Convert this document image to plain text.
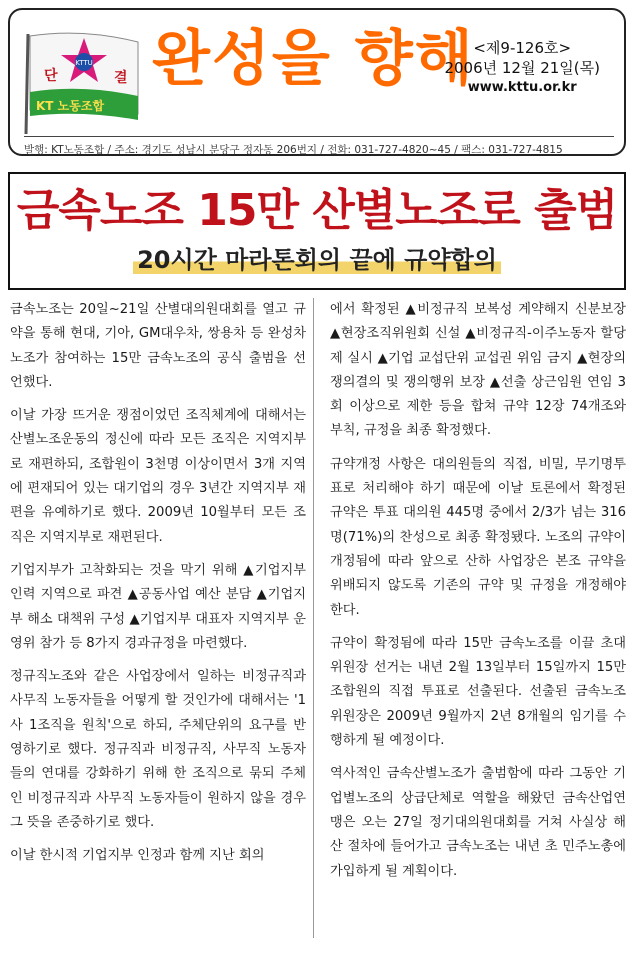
KTTU
단	결
KT 노동조합
완성을 향해
<제9-126호>
2006년 12월 21일(목)
www.kttu.or.kr
발행: KT노동조합 / 주소: 경기도 성남시 분당구 정자동 206번지 / 전화: 031-727-4820~45 / 팩스: 031-727-4815
금속노조 15만 산별노조로 출범
20시간 마라톤회의 끝에 규약합의

금속노조는 20일~21일 산별대의원대회를 열고 규약을 통해 현대, 기아, GM대우차, 쌍용차 등 완성차 노조가 참여하는 15만 금속노조의 공식 출범을 선언했다.

이날 가장 뜨거운 쟁점이었던 조직체계에 대해서는 산별노조운동의 정신에 따라 모든 조직은 지역지부로 재편하되, 조합원이 3천명 이상이면서 3개 지역에 편재되어 있는 대기업의 경우 3년간 지역지부 재편을 유예하기로 했다. 2009년 10월부터 모든 조직은 지역지부로 재편된다.

기업지부가 고착화되는 것을 막기 위해 ▲기업지부 인력 지역으로 파견 ▲공동사업 예산 분담 ▲기업지부 해소 대책위 구성 ▲기업지부 대표자 지역지부 운영위 참가 등 8가지 경과규정을 마련했다.

정규직노조와 같은 사업장에서 일하는 비정규직과 사무직 노동자들을 어떻게 할 것인가에 대해서는 '1사 1조직을 원칙'으로 하되, 주체단위의 요구를 반영하기로 했다. 정규직과 비정규직, 사무직 노동자들의 연대를 강화하기 위해 한 조직으로 묶되 주체인 비정규직과 사무직 노동자들이 원하지 않을 경우 그 뜻을 존중하기로 했다.

이날 한시적 기업지부 인정과 함께 지난 회의

에서 확정된 ▲비정규직 보복성 계약해지 신분보장 ▲현장조직위원회 신설 ▲비정규직-이주노동자 할당제 실시 ▲기업 교섭단위 교섭권 위임 금지 ▲현장의 쟁의결의 및 쟁의행위 보장 ▲선출 상근임원 연임 3회 이상으로 제한 등을 합쳐 규약 12장 74개조와 부칙, 규정을 최종 확정했다.

규약개정 사항은 대의원들의 직접, 비밀, 무기명투표로 처리해야 하기 때문에 이날 토론에서 확정된 규약은 투표 대의원 445명 중에서 2/3가 넘는 316명(71%)의 찬성으로 최종 확정됐다. 노조의 규약이 개정됨에 따라 앞으로 산하 사업장은 본조 규약을 위배되지 않도록 기존의 규약 및 규정을 개정해야 한다.

규약이 확정됨에 따라 15만 금속노조를 이끌 초대 위원장 선거는 내년 2월 13일부터 15일까지 15만 조합원의 직접 투표로 선출된다. 선출된 금속노조 위원장은 2009년 9월까지 2년 8개월의 임기를 수행하게 될 예정이다.

역사적인 금속산별노조가 출범함에 따라 그동안 기업별노조의 상급단체로 역할을 해왔던 금속산업연맹은 오는 27일 정기대의원대회를 거쳐 사실상 해산 절차에 들어가고 금속노조는 내년 초 민주노총에 가입하게 될 계획이다.
